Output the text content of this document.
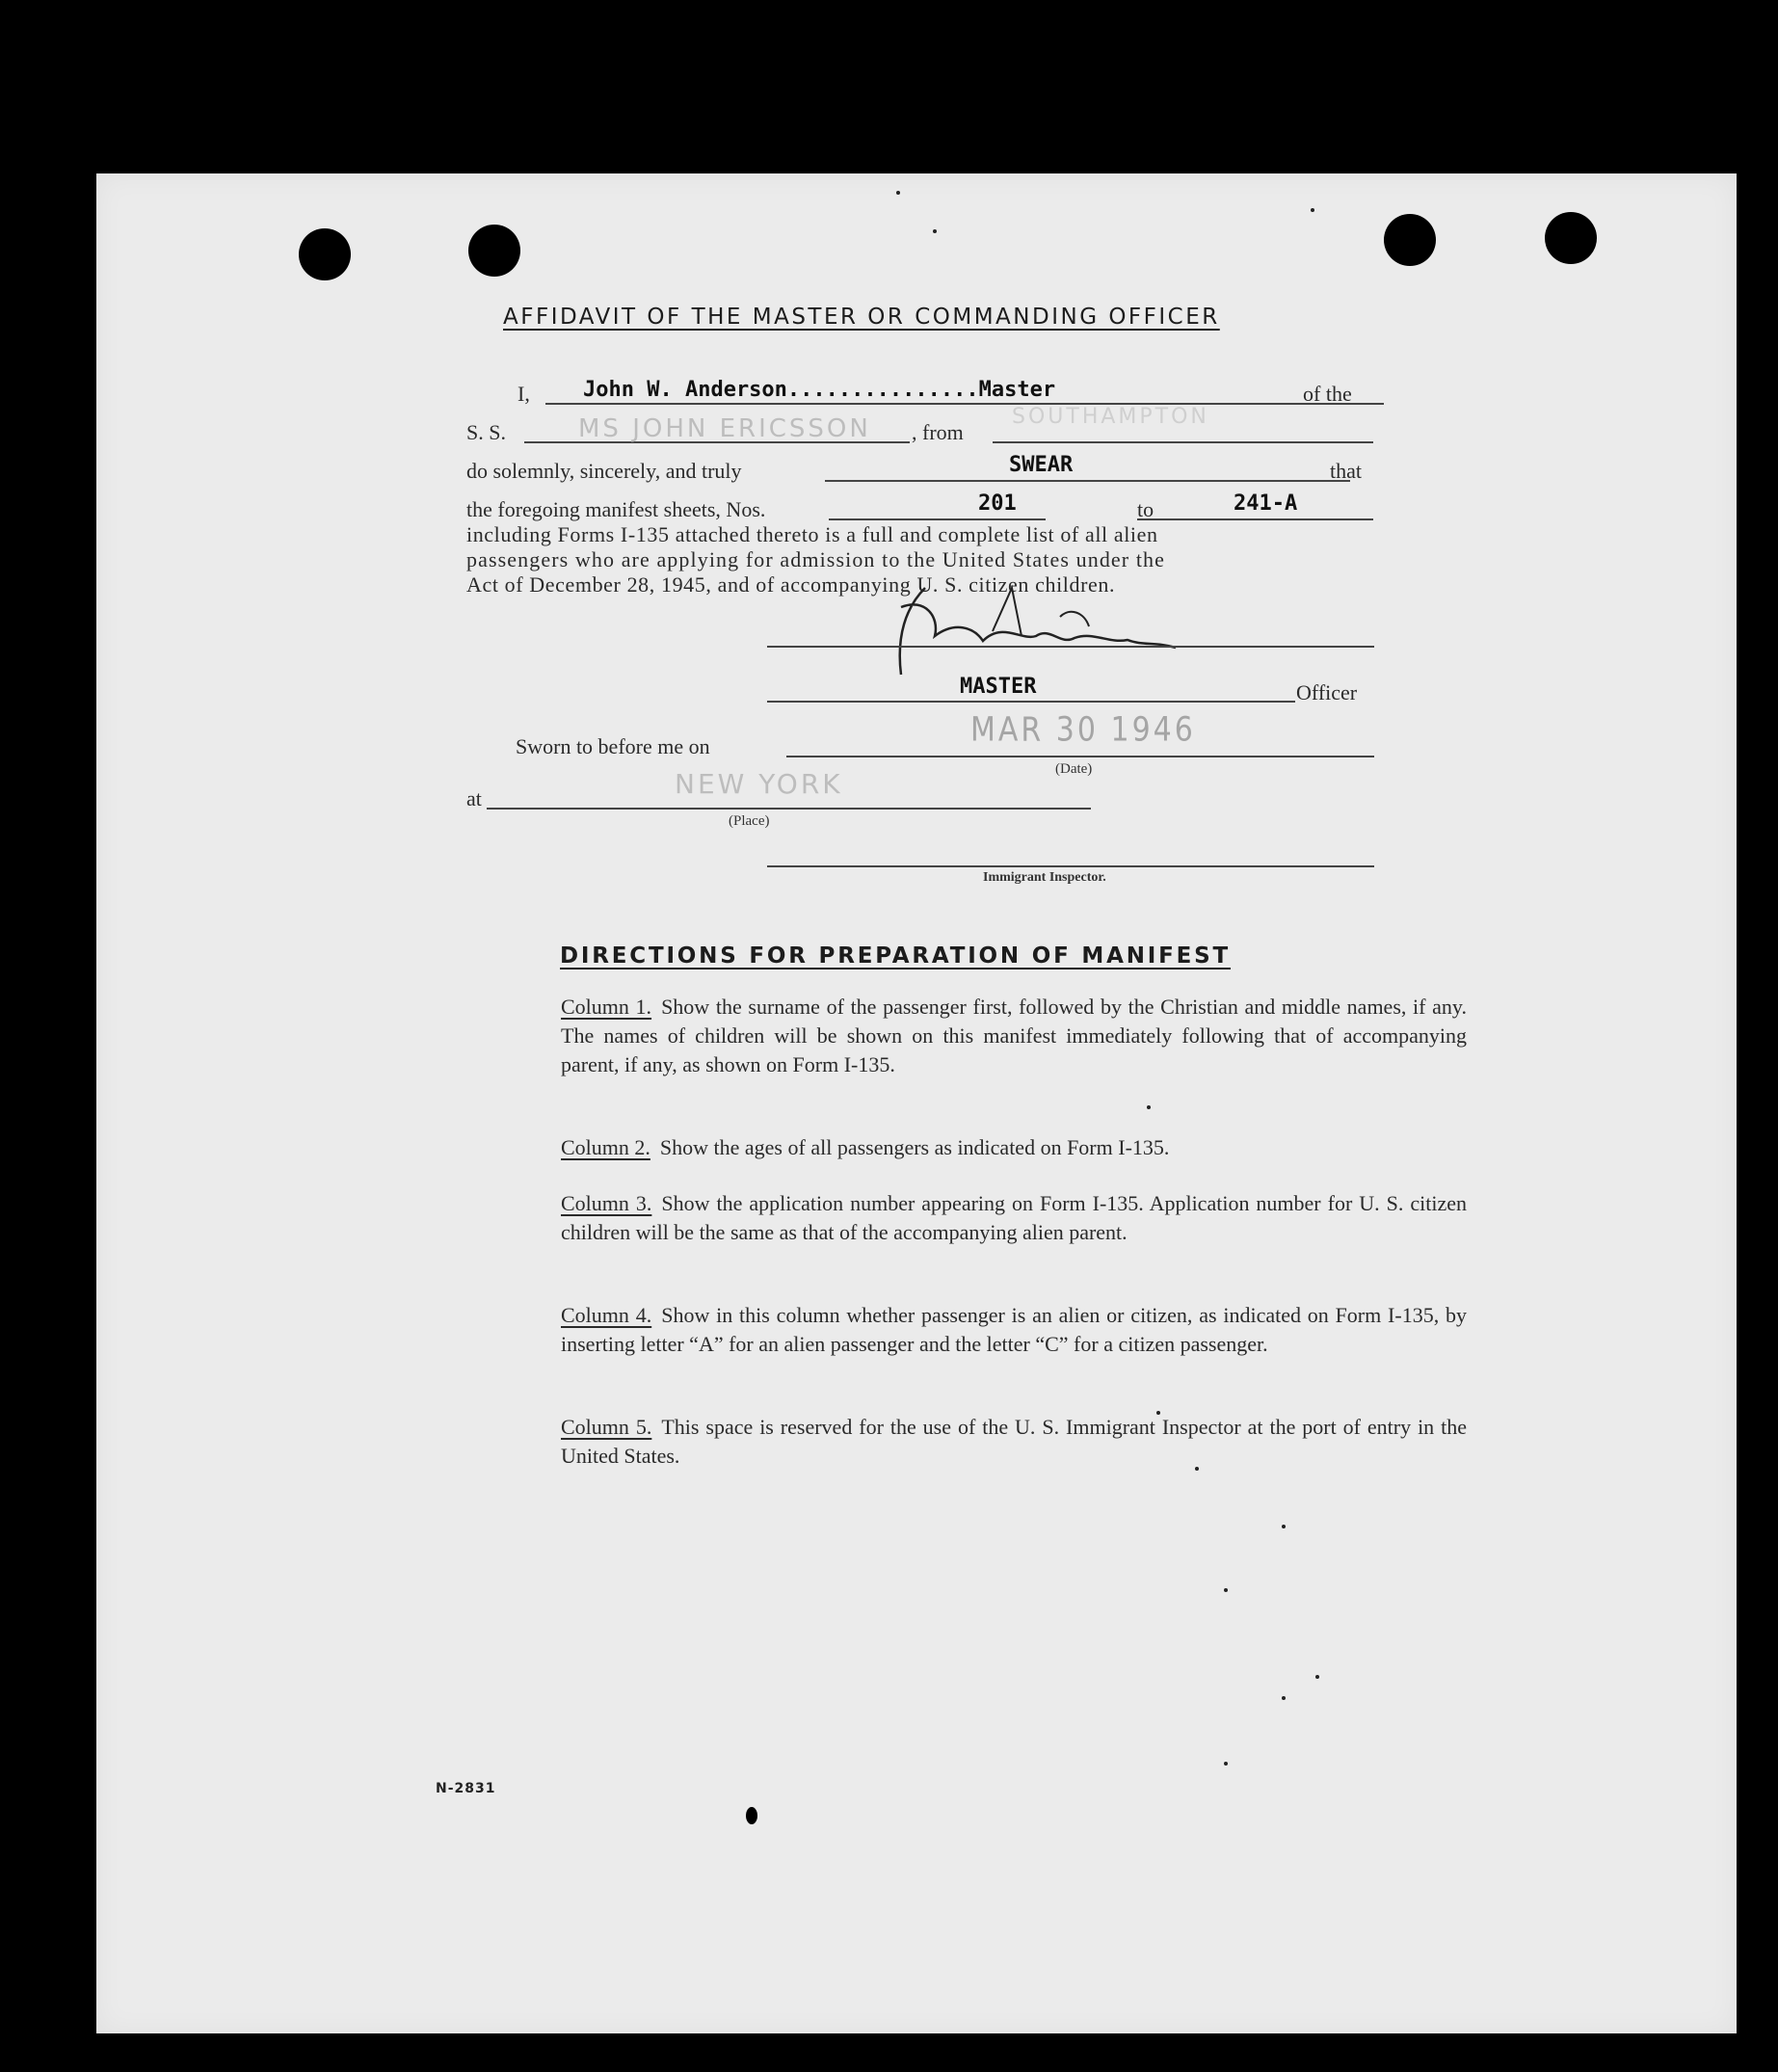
AFFIDAVIT OF THE MASTER OR COMMANDING OFFICER
I,	John W. Anderson...............Master	of the
S. S.	MS JOHN ERICSSON , from
SOUTHAMPTON
do solemnly, sincerely, and truly	SWEAR	that
the foregoing manifest sheets, Nos.	201	to	241-A
including Forms I-135 attached thereto is a full and complete list of all alien
passengers who are applying for admission to the United States under the
Act of December 28, 1945, and of accompanying U. S. citizen children.
MASTER	Officer
Sworn to before me on	MAR 30 1946
(Date)
at	NEW YORK
(Place)
Immigrant Inspector.
DIRECTIONS FOR PREPARATION OF MANIFEST
Column 1. Show the surname of the passenger first, followed by the Christian and middle names, if any. The names of children will be shown on this manifest immediately following that of accompanying parent, if any, as shown on Form I-135.
Column 2. Show the ages of all passengers as indicated on Form I-135.
Column 3. Show the application number appearing on Form I-135. Application number for U. S. citizen children will be the same as that of the accompanying alien parent.
Column 4. Show in this column whether passenger is an alien or citizen, as indicated on Form I-135, by inserting letter “A” for an alien passenger and the letter “C” for a citizen passenger.
Column 5. This space is reserved for the use of the U. S. Immigrant Inspector at the port of entry in the United States.
N-2831
